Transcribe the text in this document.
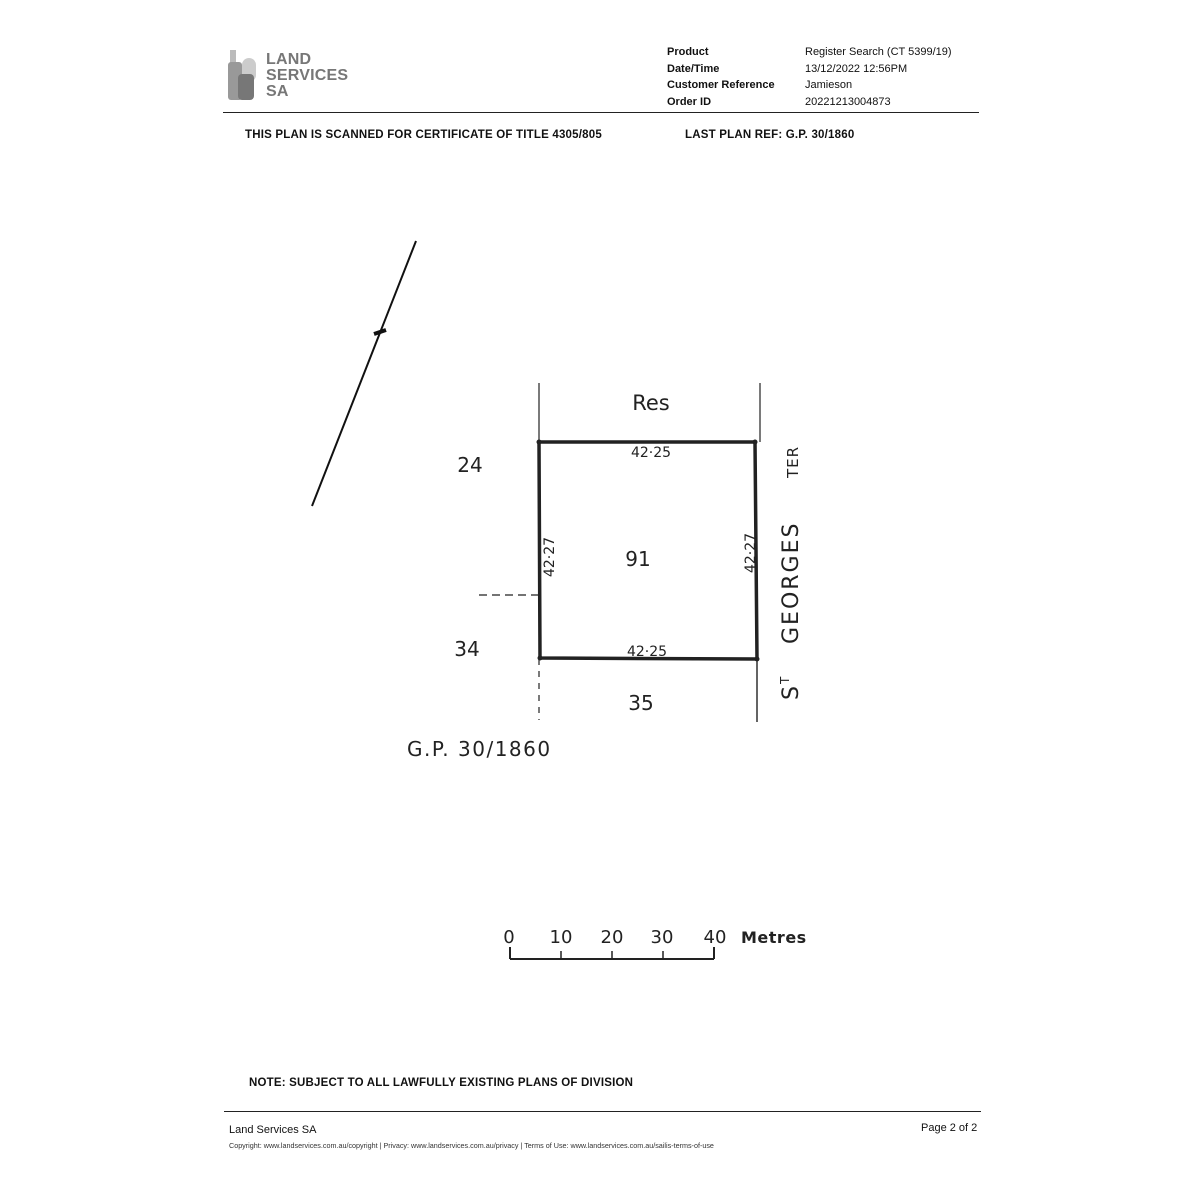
LAND
SERVICES
SA
Product	Register Search (CT 5399/19)
Date/Time	13/12/2022 12:56PM
Customer Reference	Jamieson
Order ID	20221213004873
THIS PLAN IS SCANNED FOR CERTIFICATE OF TITLE 4305/805	LAST PLAN REF: G.P. 30/1860
Res
42·25
42·25
42·27	42·27
91
24
34
35	S
T
GEORGES
TER
G.P. 30/1860
0 10 20 30 40 Metres
NOTE: SUBJECT TO ALL LAWFULLY EXISTING PLANS OF DIVISION
Land Services SA	Page 2 of 2
Copyright: www.landservices.com.au/copyright | Privacy: www.landservices.com.au/privacy | Terms of Use: www.landservices.com.au/sailis-terms-of-use
